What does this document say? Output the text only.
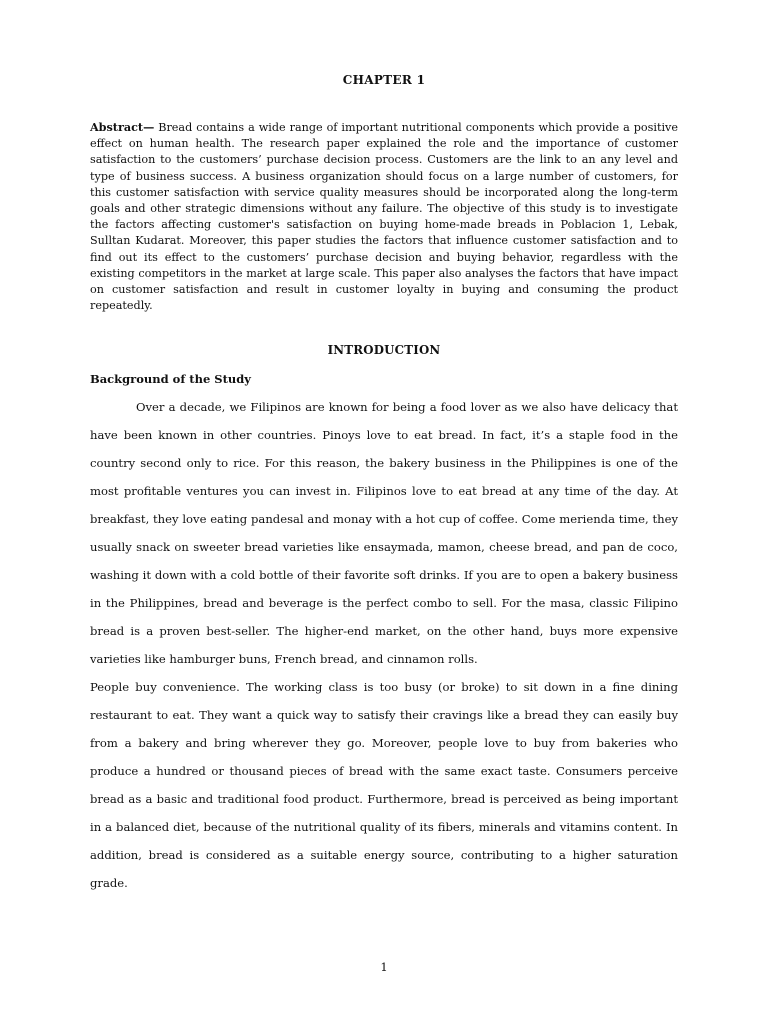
CHAPTER 1

Abstract— Bread contains a wide range of important nutritional components which provide a positive effect on human health. The research paper explained the role and the importance of customer satisfaction to the customers’ purchase decision process. Customers are the link to an any level and type of business success. A business organization should focus on a large number of customers, for this customer satisfaction with service quality measures should be incorporated along the long-term goals and other strategic dimensions without any failure. The objective of this study is to investigate the factors affecting customer's satisfaction on buying home-made breads in Poblacion 1, Lebak, Sulltan Kudarat. Moreover, this paper studies the factors that influence customer satisfaction and to find out its effect to the customers’ purchase decision and buying behavior, regardless with the existing competitors in the market at large scale. This paper also analyses the factors that have impact on customer satisfaction and result in customer loyalty in buying and consuming the product repeatedly.

INTRODUCTION
Background of the Study

Over a decade, we Filipinos are known for being a food lover as we also have delicacy that have been known in other countries. Pinoys love to eat bread. In fact, it’s a staple food in the country second only to rice. For this reason, the bakery business in the Philippines is one of the most profitable ventures you can invest in. Filipinos love to eat bread at any time of the day. At breakfast, they love eating pandesal and monay with a hot cup of coffee. Come merienda time, they usually snack on sweeter bread varieties like ensaymada, mamon, cheese bread, and pan de coco, washing it down with a cold bottle of their favorite soft drinks. If you are to open a bakery business in the Philippines, bread and beverage is the perfect combo to sell. For the masa, classic Filipino bread is a proven best-seller. The higher-end market, on the other hand, buys more expensive varieties like hamburger buns, French bread, and cinnamon rolls.

People buy convenience. The working class is too busy (or broke) to sit down in a fine dining restaurant to eat. They want a quick way to satisfy their cravings like a bread they can easily buy from a bakery and bring wherever they go. Moreover, people love to buy from bakeries who produce a hundred or thousand pieces of bread with the same exact taste. Consumers perceive bread as a basic and traditional food product. Furthermore, bread is perceived as being important in a balanced diet, because of the nutritional quality of its fibers, minerals and vitamins content. In addition, bread is considered as a suitable energy source, contributing to a higher saturation grade.

1
